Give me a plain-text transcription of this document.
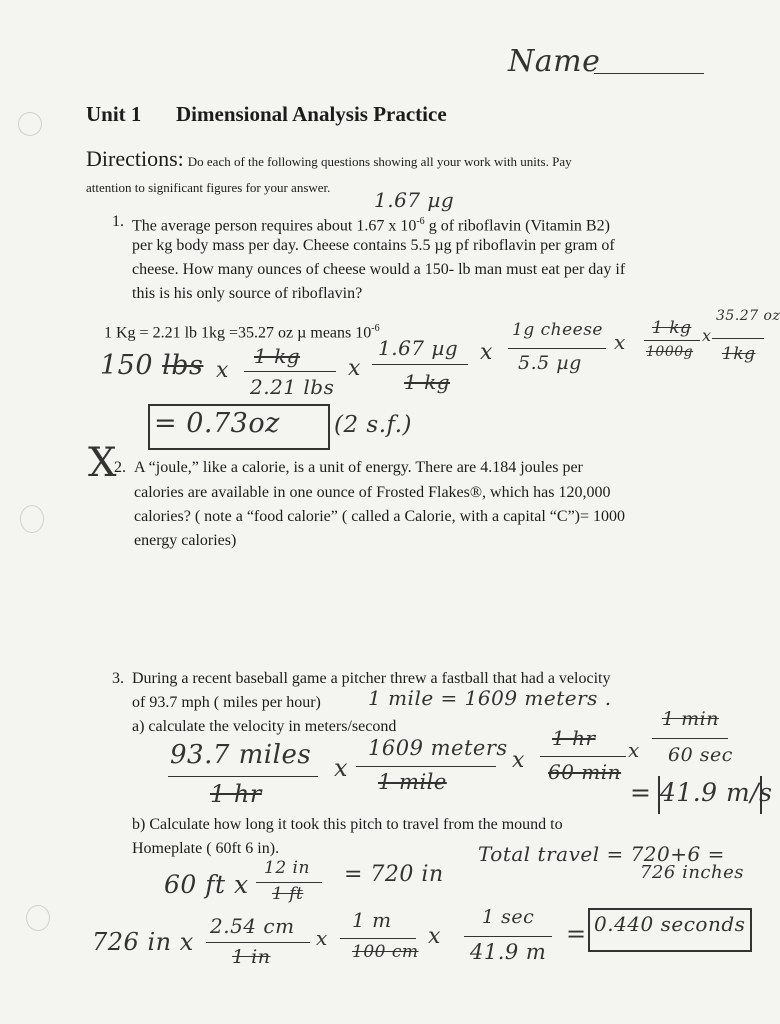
Name
Unit 1 Dimensional Analysis Practice
Directions: Do each of the following questions showing all your work with units. Pay
attention to significant figures for your answer.
1.67 µg
1. The average person requires about 1.67 x $10^{-6}$ g of riboflavin (Vitamin B2)
per kg body mass per day. Cheese contains 5.5 µg pf riboflavin per gram of
cheese. How many ounces of cheese would a 150- lb man must eat per day if
this is his only source of riboflavin?
1 Kg = 2.21 lb 1kg =35.27 oz µ means $10^{-6}$
150 lbs x
1 kg
2.21 lbs
x
1.67 µg
1 kg
x
1g cheese
5.5 µg
x
1 kg
1000g
x
35.27 oz
1kg
= 0.73oz (2 s.f.)
X
2. A “joule,” like a calorie, is a unit of energy. There are 4.184 joules per
calories are available in one ounce of Frosted Flakes®, which has 120,000
calories? ( note a “food calorie” ( called a Calorie, with a capital “C”)= 1000
energy calories)
3. During a recent baseball game a pitcher threw a fastball that had a velocity
of 93.7 mph ( miles per hour) 1 mile = 1609 meters .
a) calculate the velocity in meters/second
93.7 miles
1 hr
x
1609 meters
1 mile
x
1 hr
60 min
x
1 min
60 sec
= 41.9 m/s
b) Calculate how long it took this pitch to travel from the mound to
Homeplate ( 60ft 6 in).	Total travel = 720+6 =
726 inches
60 ft x
12 in
1 ft
= 720 in
726 in x
2.54 cm
1 in
x
1 m
100 cm
x
1 sec
41.9 m
= 0.440 seconds
